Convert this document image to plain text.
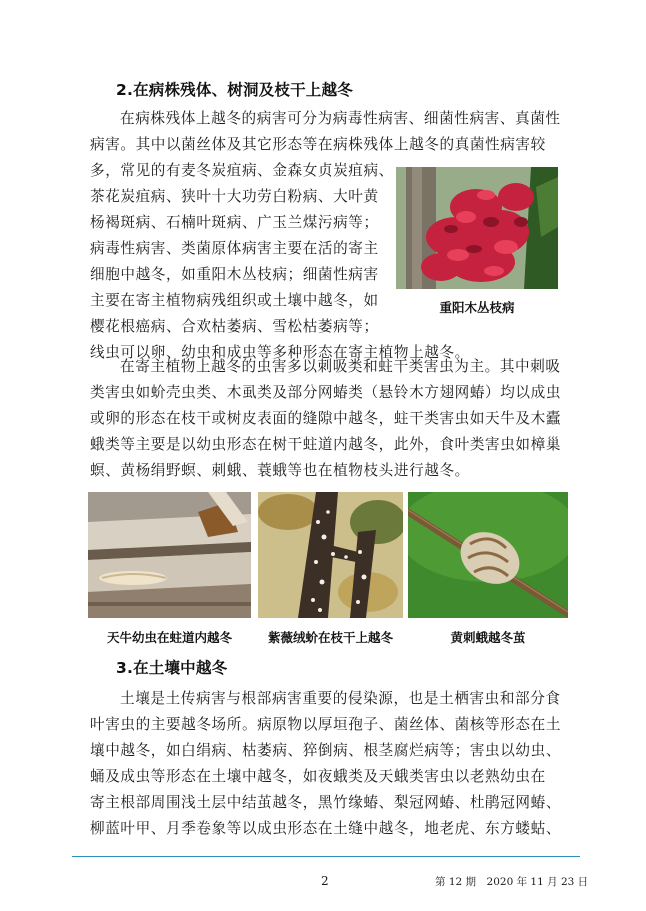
2.在病株残体、树洞及枝干上越冬
在病株残体上越冬的病害可分为病毒性病害、细菌性病害、真菌性
病害。其中以菌丝体及其它形态等在病株残体上越冬的真菌性病害较
多，常见的有麦冬炭疽病、金森女贞炭疽病、
茶花炭疽病、狭叶十大功劳白粉病、大叶黄
杨褐斑病、石楠叶斑病、广玉兰煤污病等；
病毒性病害、类菌原体病害主要在活的寄主
细胞中越冬，如重阳木丛枝病；细菌性病害
主要在寄主植物病残组织或土壤中越冬，如
樱花根癌病、合欢枯萎病、雪松枯萎病等；
线虫可以卵、幼虫和成虫等多种形态在寄主植物上越冬。
重阳木丛枝病
在寄主植物上越冬的虫害多以刺吸类和蛀干类害虫为主。其中刺吸
类害虫如蚧壳虫类、木虱类及部分网蝽类（悬铃木方翅网蝽）均以成虫
或卵的形态在枝干或树皮表面的缝隙中越冬，蛀干类害虫如天牛及木蠹
蛾类等主要是以幼虫形态在树干蛀道内越冬，此外，食叶类害虫如樟巢
螟、黄杨绢野螟、刺蛾、蓑蛾等也在植物枝头进行越冬。
天牛幼虫在蛀道内越冬	紫薇绒蚧在枝干上越冬	黄刺蛾越冬茧
3.在土壤中越冬
土壤是土传病害与根部病害重要的侵染源，也是土栖害虫和部分食
叶害虫的主要越冬场所。病原物以厚垣孢子、菌丝体、菌核等形态在土
壤中越冬，如白绢病、枯萎病、猝倒病、根茎腐烂病等；害虫以幼虫、
蛹及成虫等形态在土壤中越冬，如夜蛾类及天蛾类害虫以老熟幼虫在
寄主根部周围浅土层中结茧越冬，黑竹缘蝽、梨冠网蝽、杜鹃冠网蝽、
柳蓝叶甲、月季卷象等以成虫形态在土缝中越冬，地老虎、东方蝼蛄、
2	第 12 期　2020 年 11 月 23 日
